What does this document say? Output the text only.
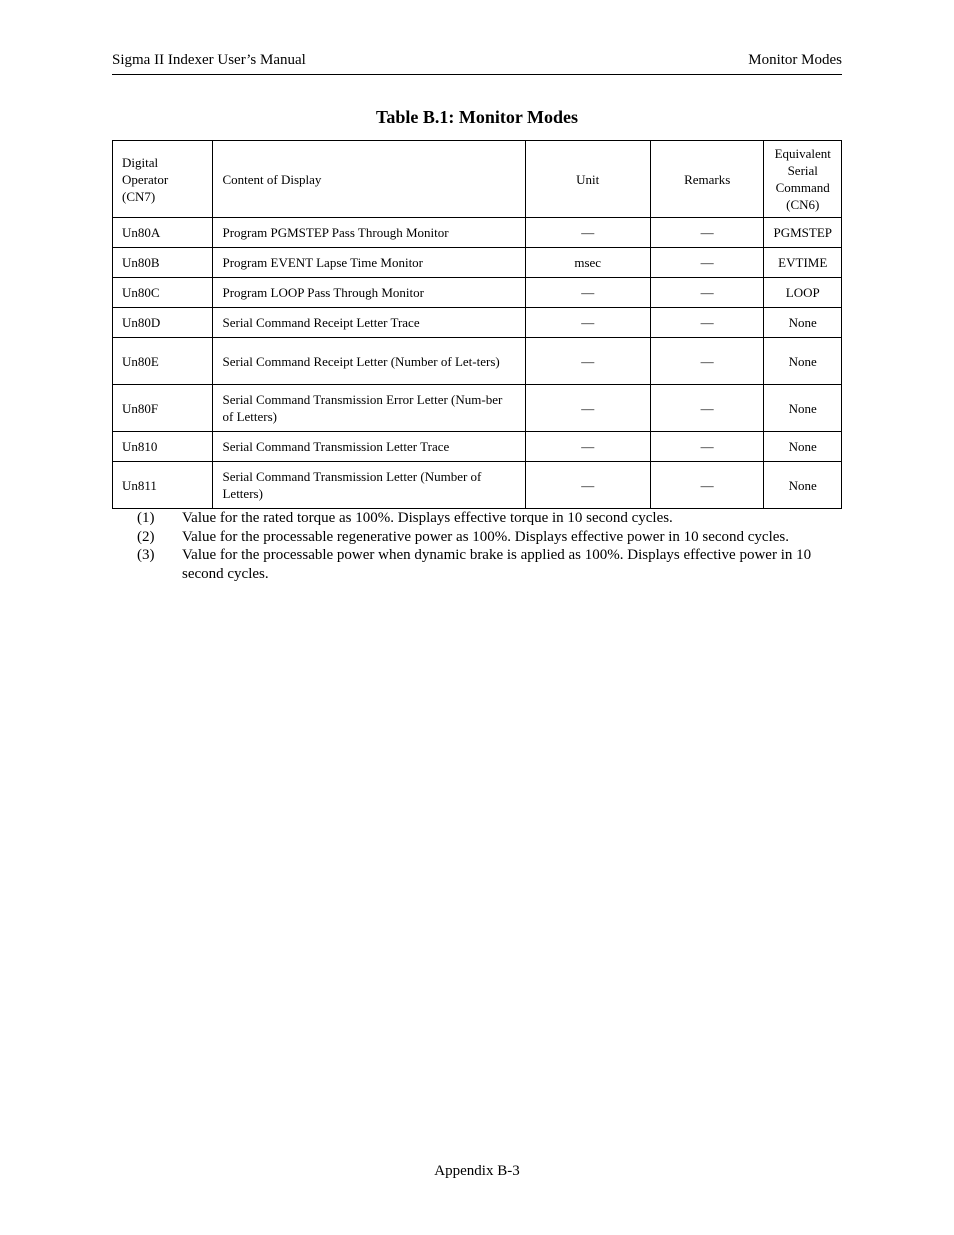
Sigma II Indexer User’s Manual	Monitor Modes
Table B.1: Monitor Modes
Digital Operator (CN7)	Content of Display	Unit	Remarks	Equivalent Serial Command (CN6)
Un80A	Program PGMSTEP Pass Through Monitor	—	—	PGMSTEP
Un80B	Program EVENT Lapse Time Monitor	msec	—	EVTIME
Un80C	Program LOOP Pass Through Monitor	—	—	LOOP
Un80D	Serial Command Receipt Letter Trace	—	—	None
Un80E	Serial Command Receipt Letter (Number of Let-ters)	—	—	None
Un80F	Serial Command Transmission Error Letter (Num-ber of Letters)	—	—	None
Un810	Serial Command Transmission Letter Trace	—	—	None
Un811	Serial Command Transmission Letter (Number of Letters)	—	—	None
(1)	Value for the rated torque as 100%. Displays effective torque in 10 second cycles.
(2)	Value for the processable regenerative power as 100%. Displays effective power in 10 second cycles.
(3)	Value for the processable power when dynamic brake is applied as 100%. Displays effective power in 10 second cycles.
Appendix B-3
